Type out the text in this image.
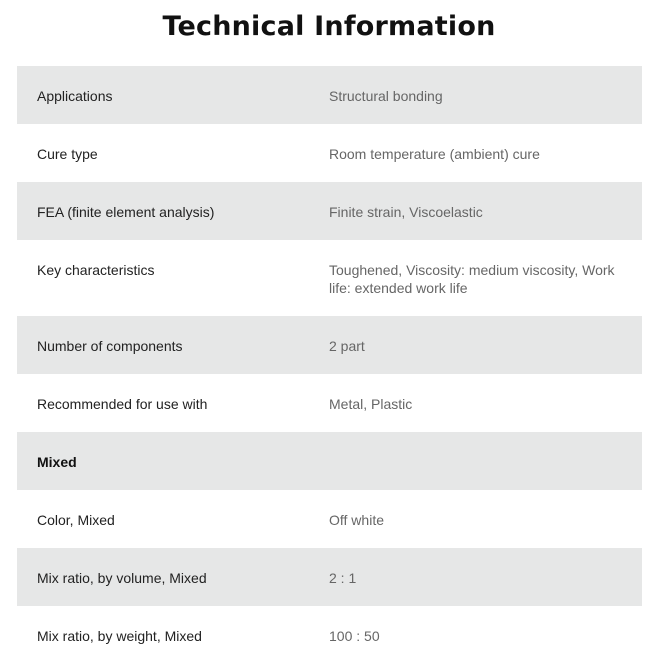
Technical Information
Applications	Structural bonding
Cure type	Room temperature (ambient) cure
FEA (finite element analysis)	Finite strain, Viscoelastic
Key characteristics	Toughened, Viscosity: medium viscosity, Work life: extended work life
Number of components	2 part
Recommended for use with	Metal, Plastic
Mixed
Color, Mixed	Off white
Mix ratio, by volume, Mixed	2 : 1
Mix ratio, by weight, Mixed	100 : 50
